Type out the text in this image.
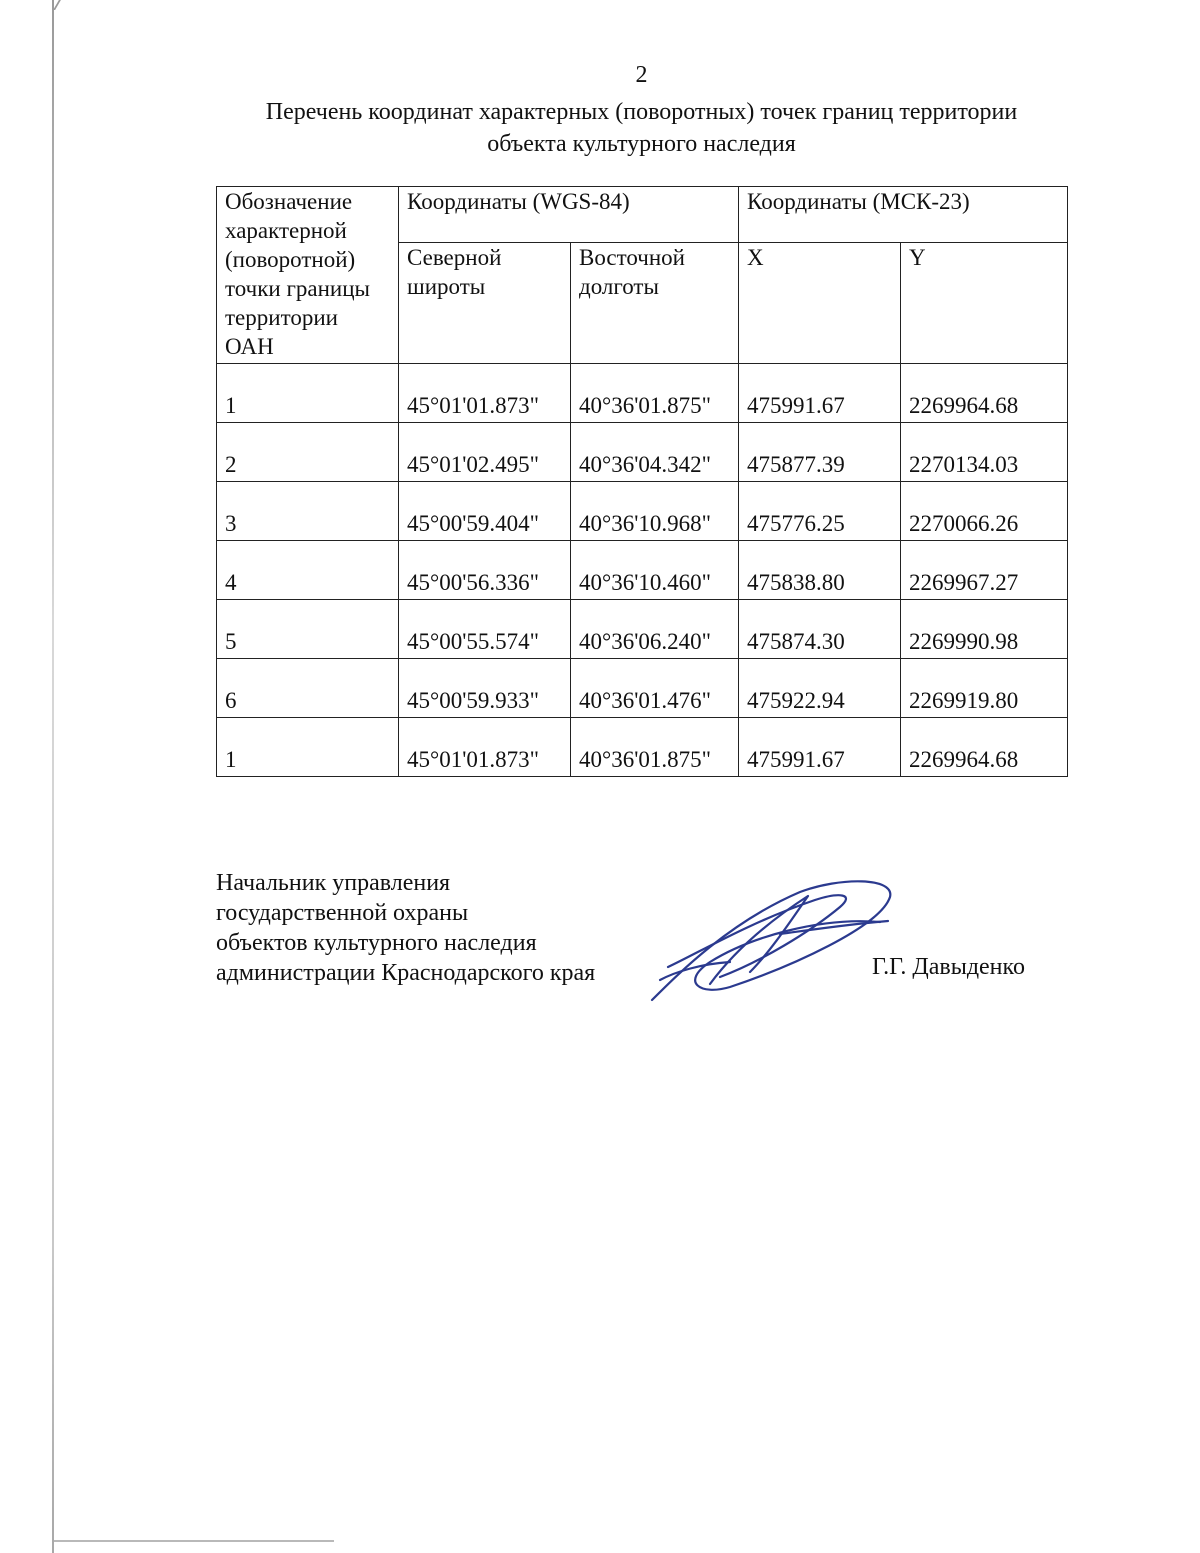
2
Перечень координат характерных (поворотных) точек границ территории
объекта культурного наследия
Обозначение характерной (поворотной) точки границы территории ОАН	Координаты (WGS-84)		Координаты (МСК-23)	
	Северной широты	Восточной долготы	X	Y
1	45°01'01.873"	40°36'01.875"	475991.67	2269964.68
2	45°01'02.495"	40°36'04.342"	475877.39	2270134.03
3	45°00'59.404"	40°36'10.968"	475776.25	2270066.26
4	45°00'56.336"	40°36'10.460"	475838.80	2269967.27
5	45°00'55.574"	40°36'06.240"	475874.30	2269990.98
6	45°00'59.933"	40°36'01.476"	475922.94	2269919.80
1	45°01'01.873"	40°36'01.875"	475991.67	2269964.68
Начальник управления
государственной охраны
объектов культурного наследия
администрации Краснодарского края	Г.Г. Давыденко
